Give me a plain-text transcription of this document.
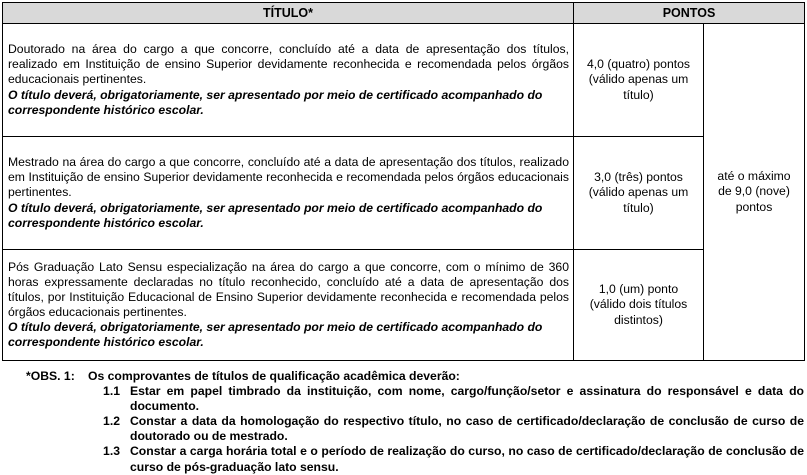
TÍTULO*	PONTOS	
Doutorado na área do cargo a que concorre, concluído até a data de apresentação dos títulos, realizado em Instituição de ensino Superior devidamente reconhecida e recomendada pelos órgãos educacionais pertinentes.
O título deverá, obrigatoriamente, ser apresentado por meio de certificado acompanhado do correspondente histórico escolar.	4,0 (quatro) pontos (válido apenas um título)	até o máximo de 9,0 (nove) pontos
Mestrado na área do cargo a que concorre, concluído até a data de apresentação dos títulos, realizado em Instituição de ensino Superior devidamente reconhecida e recomendada pelos órgãos educacionais pertinentes.
O título deverá, obrigatoriamente, ser apresentado por meio de certificado acompanhado do correspondente histórico escolar.	3,0 (três) pontos (válido apenas um título)	
Pós Graduação Lato Sensu especialização na área do cargo a que concorre, com o mínimo de 360 horas expressamente declaradas no título reconhecido, concluído até a data de apresentação dos títulos, por Instituição Educacional de Ensino Superior devidamente reconhecida e recomendada pelos órgãos educacionais pertinentes.
O título deverá, obrigatoriamente, ser apresentado por meio de certificado acompanhado do correspondente histórico escolar.	1,0 (um) ponto (válido dois títulos distintos)	
*OBS. 1:	Os comprovantes de títulos de qualificação acadêmica deverão:
1.1 Estar em papel timbrado da instituição, com nome, cargo/função/setor e assinatura do responsável e data do documento.
1.2 Constar a data da homologação do respectivo título, no caso de certificado/declaração de conclusão de curso de doutorado ou de mestrado.
1.3 Constar a carga horária total e o período de realização do curso, no caso de certificado/declaração de conclusão de curso de pós-graduação lato sensu.
